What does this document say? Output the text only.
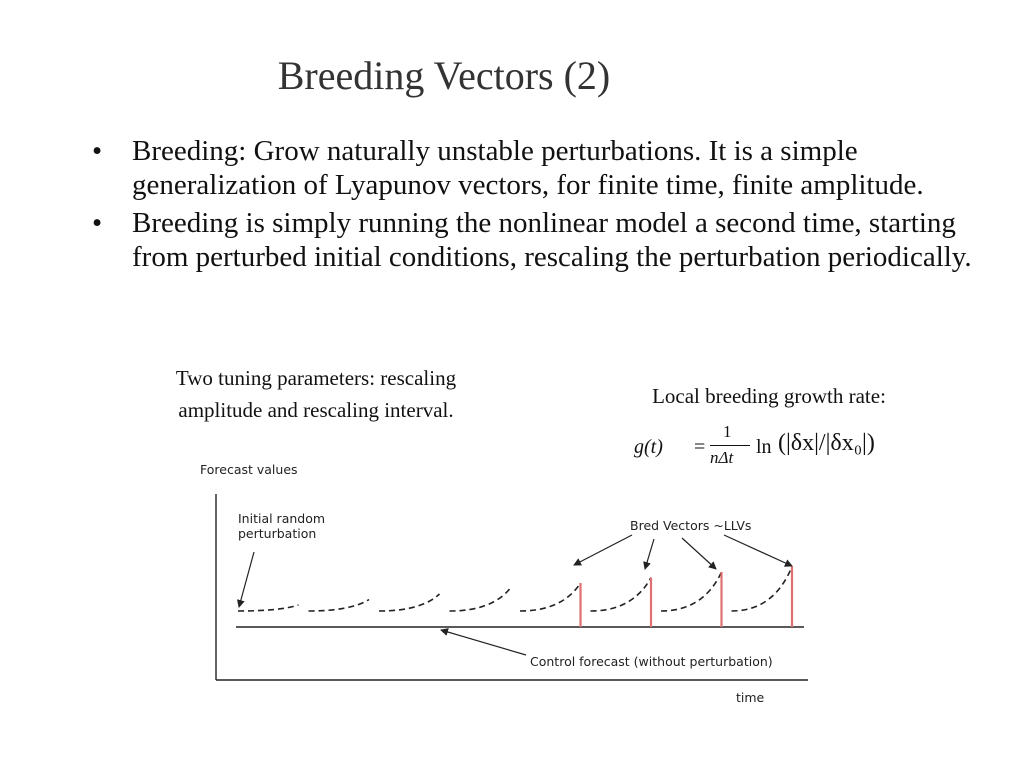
Breeding Vectors (2)
• Breeding: Grow naturally unstable perturbations. It is a simple generalization of Lyapunov vectors, for finite time, finite amplitude.
• Breeding is simply running the nonlinear model a second time, starting from perturbed initial conditions, rescaling the perturbation periodically.
Two tuning parameters: rescaling
amplitude and rescaling interval.
Local breeding growth rate:
g(t) =
1
nΔt ln (|δx|/|δx₀|)
Forecast values
time
Initial random
perturbation
Bred Vectors ~LLVs
Control forecast (without perturbation)
